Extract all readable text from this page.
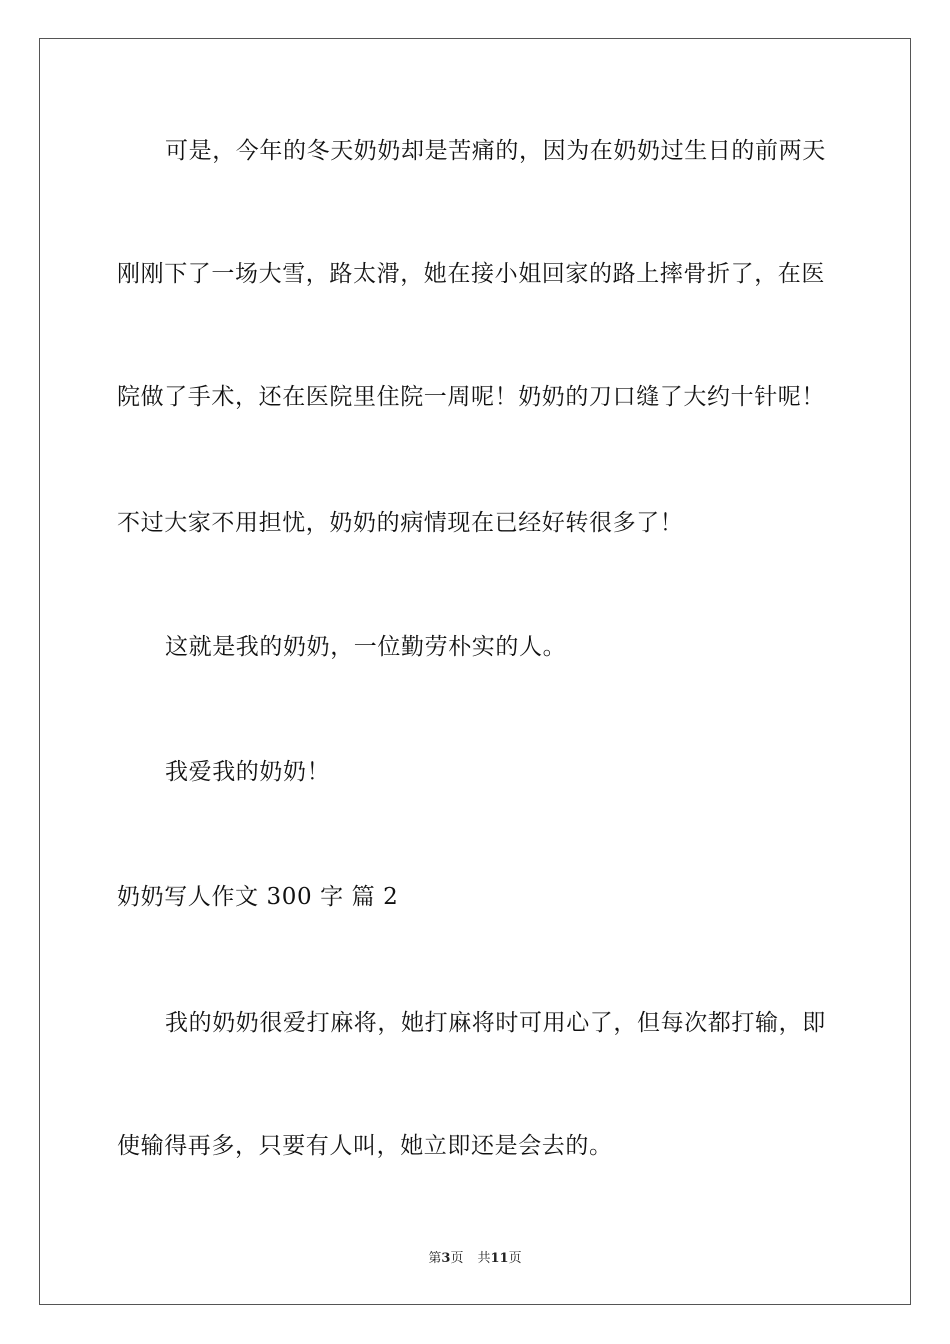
可是，今年的冬天奶奶却是苦痛的，因为在奶奶过生日的前两天
刚刚下了一场大雪，路太滑，她在接小姐回家的路上摔骨折了，在医
院做了手术，还在医院里住院一周呢！奶奶的刀口缝了大约十针呢！
不过大家不用担忧，奶奶的病情现在已经好转很多了！
这就是我的奶奶，一位勤劳朴实的人。
我爱我的奶奶！
奶奶写人作文 300 字 篇 2
我的奶奶很爱打麻将，她打麻将时可用心了，但每次都打输，即
使输得再多，只要有人叫，她立即还是会去的。
第3页 共11页
